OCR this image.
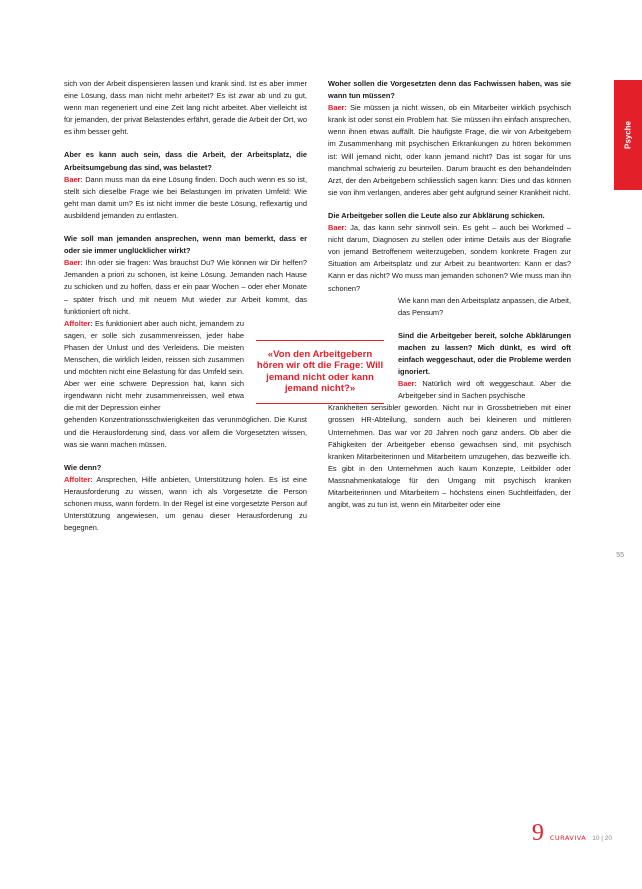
Psyche

sich von der Arbeit dispensieren lassen und krank sind. Ist es aber immer eine Lösung, dass man nicht mehr arbeitet? Es ist zwar ab und zu gut, wenn man regeneriert und eine Zeit lang nicht arbeitet. Aber vielleicht ist für jemanden, der privat Belastendes erfährt, gerade die Arbeit der Ort, wo es ihm besser geht.

Aber es kann auch sein, dass die Arbeit, der Arbeitsplatz, die Arbeitsumgebung das sind, was belastet?
Baer: Dann muss man da eine Lösung finden. Doch auch wenn es so ist, stellt sich dieselbe Frage wie bei Belastungen im privaten Umfeld: Wie geht man damit um? Es ist nicht immer die beste Lösung, reflexartig und ausbildend jemanden zu entlasten.

Wie soll man jemanden ansprechen, wenn man bemerkt, dass er oder sie immer unglücklicher wirkt?
Baer: Ihn oder sie fragen: Was brauchst Du? Wie können wir Dir helfen? Jemanden a priori zu schonen, ist keine Lösung. Jemanden nach Hause zu schicken und zu hoffen, dass er ein paar Wochen – oder eher Monate – später frisch und mit neuem Mut wieder zur Arbeit kommt, das funktioniert oft nicht.

Affolter: Es funktioniert aber auch nicht, jemandem zu sagen, er solle sich zusammenreissen, jeder habe Phasen der Unlust und des Verleidens. Die meisten Menschen, die wirklich leiden, reissen sich zusammen und möchten nicht eine Belastung für das Umfeld sein. Aber wer eine schwere Depression hat, kann sich irgendwann nicht mehr zusammenreissen, weil etwa die mit der Depression einher
gehenden Konzentrationsschwierigkeiten das verunmöglichen. Die Kunst und die Herausforderung sind, dass vor allem die Vorgesetzten wissen, was sie wann machen müssen.

Wie denn?
Affolter: Ansprechen, Hilfe anbieten, Unterstützung holen. Es ist eine Herausforderung zu wissen, wann ich als Vorgesetzte die Person schonen muss, wann fordern. In der Regel ist eine vorgesetzte Person auf Unterstützung angewiesen, um genau dieser Herausforderung zu begegnen.

«Von den Arbeitgebern hören wir oft die Frage: Will jemand nicht oder kann jemand nicht?»

Woher sollen die Vorgesetzten denn das Fachwissen haben, was sie wann tun müssen?
Baer: Sie müssen ja nicht wissen, ob ein Mitarbeiter wirklich psychisch krank ist oder sonst ein Problem hat. Sie müssen ihn einfach ansprechen, wenn ihnen etwas auffällt. Die häufigste Frage, die wir von Arbeitgebern im Zusammenhang mit psychischen Erkrankungen zu hören bekommen ist: Will jemand nicht, oder kann jemand nicht? Das ist sogar für uns manchmal schwierig zu beurteilen. Darum braucht es den behandelnden Arzt, der den Arbeitgebern schliesslich sagen kann: Dies und das können sie von ihm verlangen, anderes aber geht aufgrund seiner Krankheit nicht.

Die Arbeitgeber sollen die Leute also zur Abklärung schicken.
Baer: Ja, das kann sehr sinnvoll sein. Es geht – auch bei Workmed – nicht darum, Diagnosen zu stellen oder intime Details aus der Biografie von jemand Betroffenem weiterzugeben, sondern konkrete Fragen zur Situation am Arbeitsplatz und zur Arbeit zu beantworten: Kann er das? Kann er das nicht? Wo muss man jemanden schonen? Wie muss man ihn schonen?
Wie kann man den Arbeitsplatz anpassen, die Arbeit, das Pensum?

Sind die Arbeitgeber bereit, solche Abklärungen machen zu lassen? Mich dünkt, es wird oft einfach weggeschaut, oder die Probleme werden ignoriert.
Baer: Natürlich wird oft weggeschaut. Aber die Arbeitgeber sind in Sachen psychische
Krankheiten sensibler geworden. Nicht nur in Grossbetrieben mit einer grossen HR-Abteilung, sondern auch bei kleineren und mittleren Unternehmen. Das war vor 20 Jahren noch ganz anders. Ob aber die Fähigkeiten der Arbeitgeber ebenso gewachsen sind, mit psychisch kranken Mitarbeiterinnen und Mitarbeitern umzugehen, das bezweifle ich. Es gibt in den Unternehmen auch kaum Konzepte, Leitbilder oder Massnahmenkataloge für den Umgang mit psychisch kranken Mitarbeiterinnen und Mitarbeitern – höchstens einen Suchtleitfaden, der angibt, was zu tun ist, wenn ein Mitarbeiter oder eine

55
9 CURAVIVA 10 | 20
